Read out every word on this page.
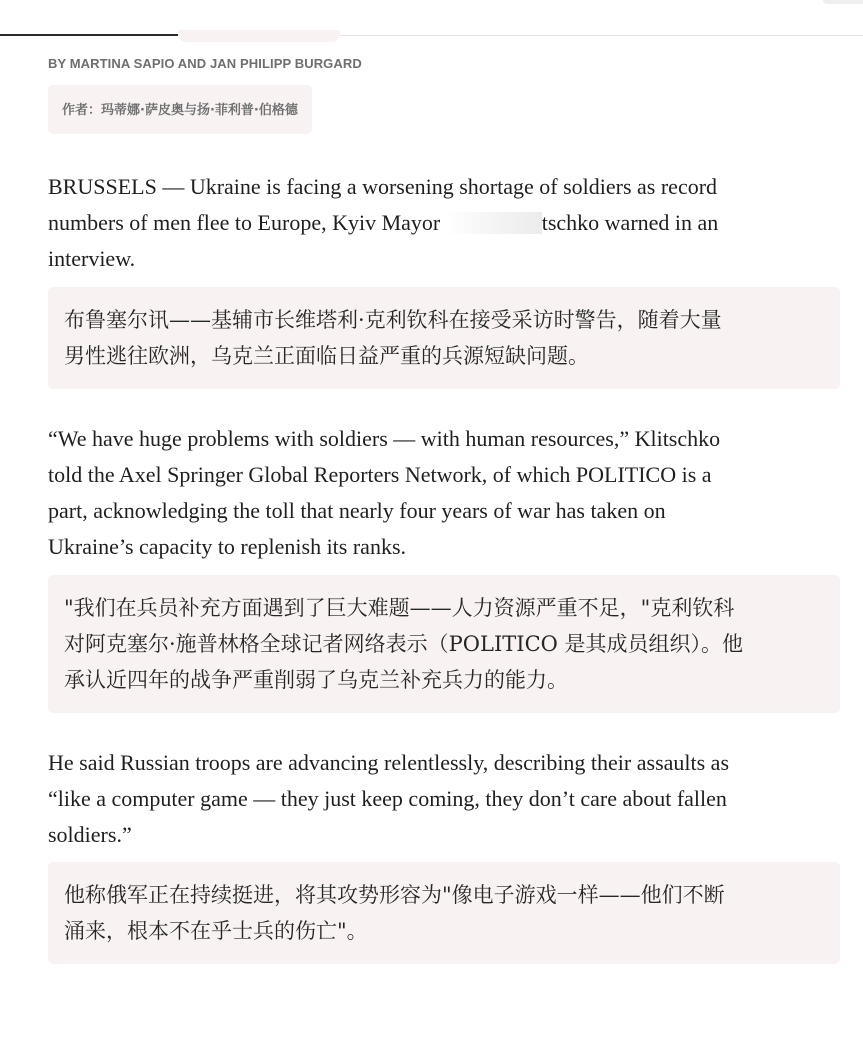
BY MARTINA SAPIO AND JAN PHILIPP BURGARD
作者：玛蒂娜·萨皮奥与扬·菲利普·伯格德

BRUSSELS — Ukraine is facing a worsening shortage of soldiers as record
numbers of men flee to Europe, Kyiv Mayor	tschko warned in an
interview.

布鲁塞尔讯——基辅市长维塔利·克利钦科在接受采访时警告，随着大量
男性逃往欧洲，乌克兰正面临日益严重的兵源短缺问题。

“We have huge problems with soldiers — with human resources,” Klitschko
told the Axel Springer Global Reporters Network, of which POLITICO is a
part, acknowledging the toll that nearly four years of war has taken on
Ukraine’s capacity to replenish its ranks.

"我们在兵员补充方面遇到了巨大难题——人力资源严重不足，"克利钦科
对阿克塞尔·施普林格全球记者网络表示（POLITICO 是其成员组织）。他
承认近四年的战争严重削弱了乌克兰补充兵力的能力。

He said Russian troops are advancing relentlessly, describing their assaults as
“like a computer game — they just keep coming, they don’t care about fallen
soldiers.”

他称俄军正在持续挺进，将其攻势形容为"像电子游戏一样——他们不断
涌来，根本不在乎士兵的伤亡"。
